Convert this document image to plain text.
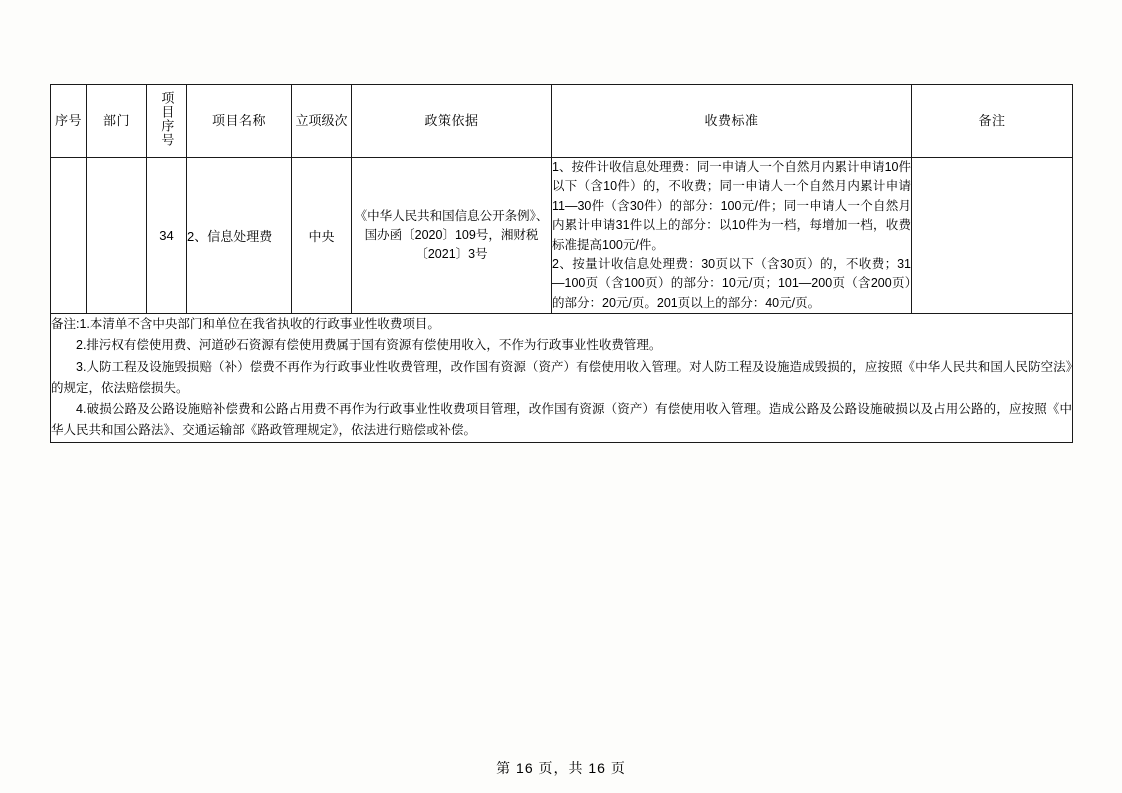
序号	部门	项目序号	项目名称	立项级次	政策依据	收费标准	备注
		34	2、信息处理费	中央	《中华人民共和国信息公开条例》、 国办函〔2020〕109号，湘财税〔2021〕3号	1、按件计收信息处理费：同一申请人一个自然月内累计申请10件以下（含10件）的，不收费；同一申请人一个自然月内累计申请11—30件（含30件）的部分：100元/件；同一申请人一个自然月内累计申请31件以上的部分：以10件为一档，每增加一档，收费标准提高100元/件。

2、按量计收信息处理费：30页以下（含30页）的，不收费；31—100页（含100页）的部分：10元/页；101—200页（含200页）的部分：20元/页。201页以上的部分：40元/页。	

备注:1.本清单不含中央部门和单位在我省执收的行政事业性收费项目。

2.排污权有偿使用费、河道砂石资源有偿使用费属于国有资源有偿使用收入，不作为行政事业性收费管理。

3.人防工程及设施毁损赔（补）偿费不再作为行政事业性收费管理，改作国有资源（资产）有偿使用收入管理。对人防工程及设施造成毁损的，应按照《中华人民共和国人民防空法》的规定，依法赔偿损失。

4.破损公路及公路设施赔补偿费和公路占用费不再作为行政事业性收费项目管理，改作国有资源（资产）有偿使用收入管理。造成公路及公路设施破损以及占用公路的，应按照《中华人民共和国公路法》、交通运输部《路政管理规定》，依法进行赔偿或补偿。							

第 16 页，共 16 页
